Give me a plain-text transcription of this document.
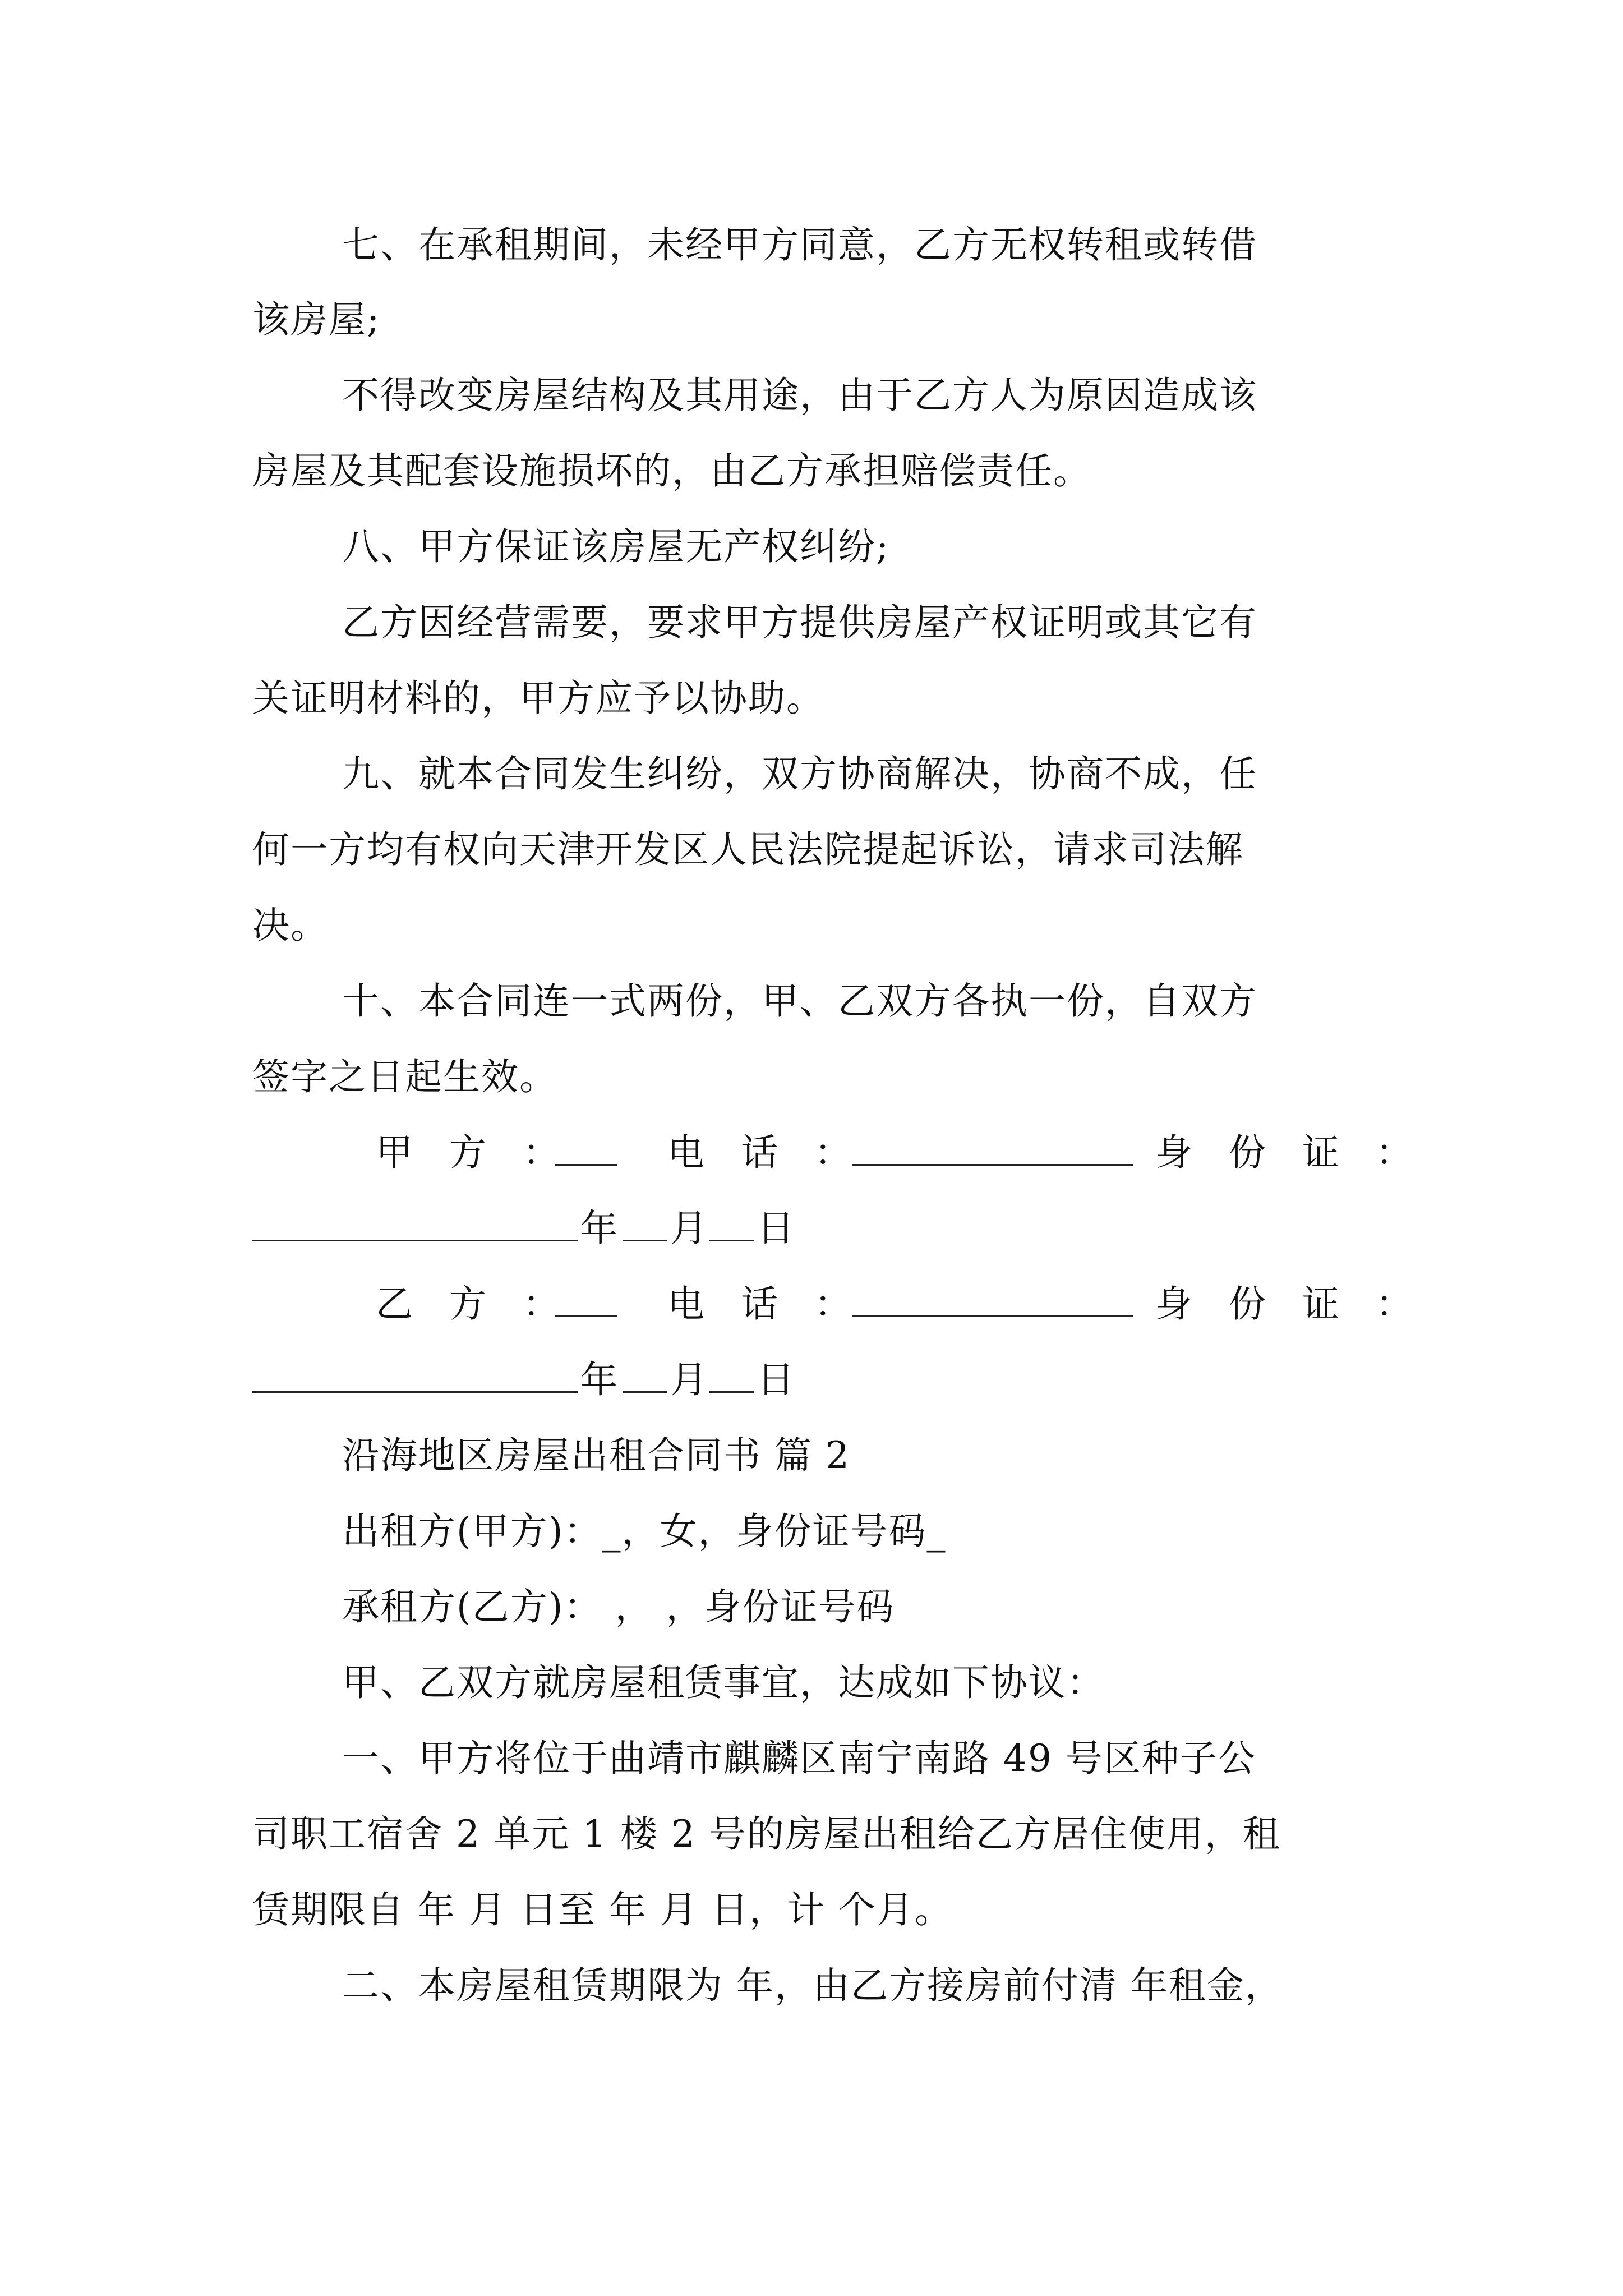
七、在承租期间，未经甲方同意，乙方无权转租或转借
该房屋;
不得改变房屋结构及其用途，由于乙方人为原因造成该
房屋及其配套设施损坏的，由乙方承担赔偿责任。
八、甲方保证该房屋无产权纠纷;
乙方因经营需要，要求甲方提供房屋产权证明或其它有
关证明材料的，甲方应予以协助。
九、就本合同发生纠纷，双方协商解决，协商不成，任
何一方均有权向天津开发区人民法院提起诉讼，请求司法解
决。
十、本合同连一式两份，甲、乙双方各执一份，自双方
签字之日起生效。
甲 方 ：	电 话 ：	身 份 证 ：
年 月 日
乙 方 ：	电 话 ：	身 份 证 ：
年 月 日
沿海地区房屋出租合同书 篇 2
出租方(甲方)：_，女，身份证号码_
承租方(乙方)： ， ，身份证号码
甲、乙双方就房屋租赁事宜，达成如下协议：
一、甲方将位于曲靖市麒麟区南宁南路 49 号区种子公
司职工宿舍 2 单元 1 楼 2 号的房屋出租给乙方居住使用，租
赁期限自 年 月 日至 年 月 日，计 个月。
二、本房屋租赁期限为 年，由乙方接房前付清 年租金，
